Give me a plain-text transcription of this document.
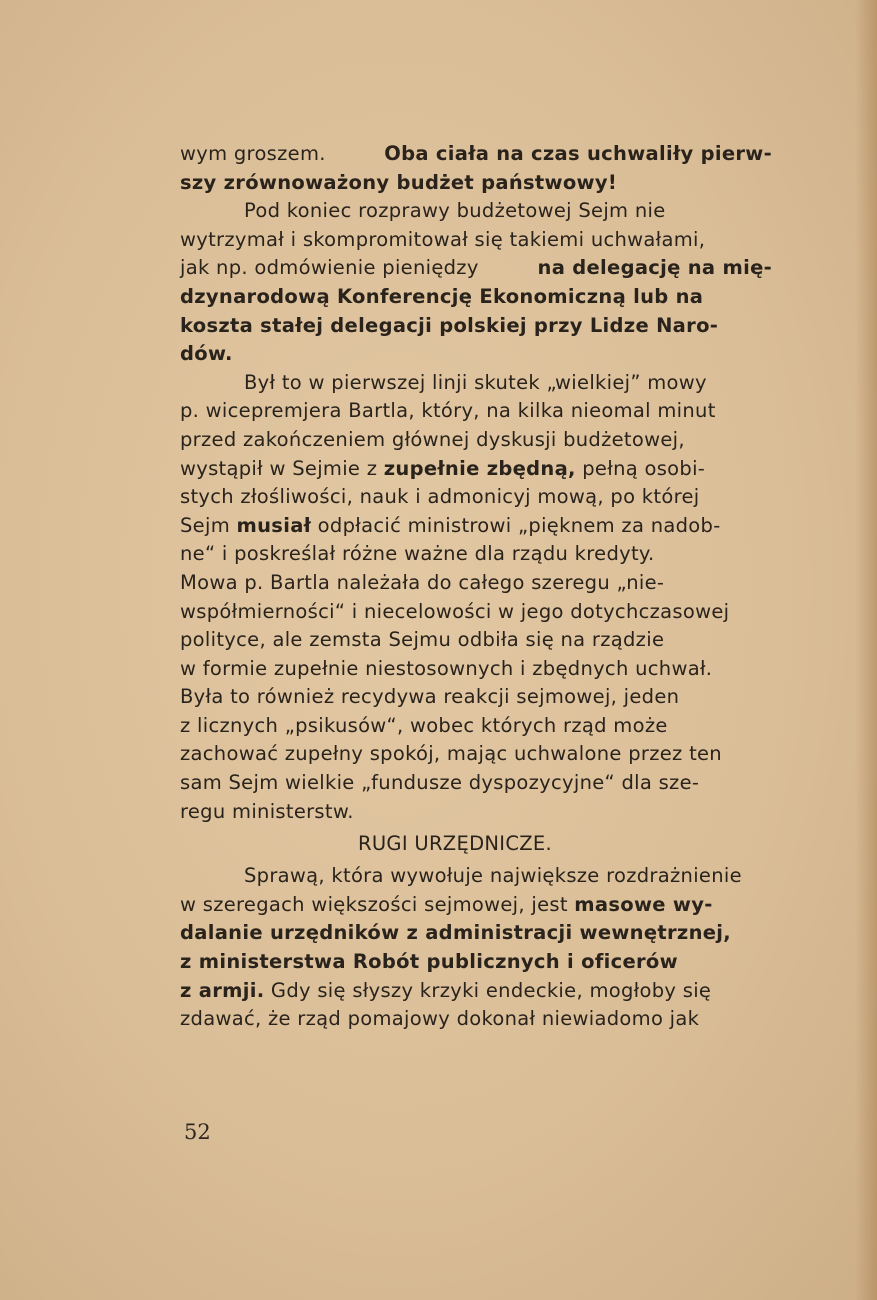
wym groszem.	Oba ciała na czas uchwaliły pierw-
szy zrównoważony budżet państwowy!
Pod koniec rozprawy budżetowej Sejm nie
wytrzymał i skompromitował się takiemi uchwałami,
jak np. odmówienie pieniędzy	na delegację na mię-
dzynarodową Konferencję Ekonomiczną lub na
koszta stałej delegacji polskiej przy Lidze Naro-
dów.
Był to w pierwszej linji skutek „wielkiej” mowy
p. wicepremjera Bartla, który, na kilka nieomal minut
przed zakończeniem głównej dyskusji budżetowej,
wystąpił w Sejmie z zupełnie zbędną, pełną osobi-
stych złośliwości, nauk i admonicyj mową, po której
Sejm musiał odpłacić ministrowi „pięknem za nadob-
ne“ i poskreślał różne ważne dla rządu kredyty.
Mowa p. Bartla należała do całego szeregu „nie-
współmierności“ i niecelowości w jego dotychczasowej
polityce, ale zemsta Sejmu odbiła się na rządzie
w formie zupełnie niestosownych i zbędnych uchwał.
Była to również recydywa reakcji sejmowej, jeden
z licznych „psikusów“, wobec których rząd może
zachować zupełny spokój, mając uchwalone przez ten
sam Sejm wielkie „fundusze dyspozycyjne“ dla sze-
regu ministerstw.
RUGI URZĘDNICZE.
Sprawą, która wywołuje największe rozdrażnienie
w szeregach większości sejmowej, jest masowe wy-
dalanie urzędników z administracji wewnętrznej,
z ministerstwa Robót publicznych i oficerów
z armji. Gdy się słyszy krzyki endeckie, mogłoby się
zdawać, że rząd pomajowy dokonał niewiadomo jak
52
